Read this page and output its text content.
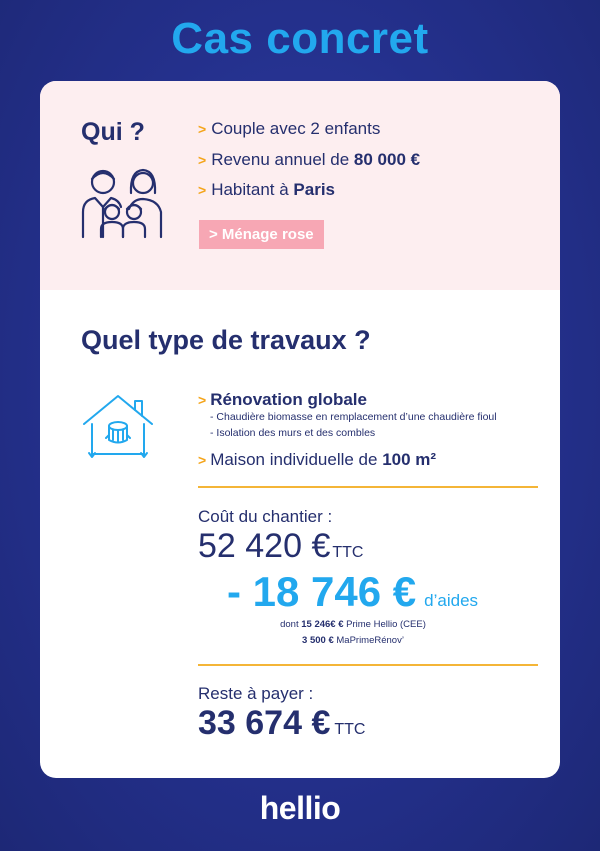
Cas concret
Qui ?	> Couple avec 2 enfants
> Revenu annuel de 80 000 €
> Habitant à Paris
> Ménage rose
Quel type de travaux ?
> Rénovation globale
- Chaudière biomasse en remplacement d’une chaudière fioul
- Isolation des murs et des combles
> Maison individuelle de 100 m²
Coût du chantier :
52 420 € TTC
- 18 746 € d’aides
dont 15 246€ € Prime Hellio (CEE)
3 500 € MaPrimeRénov’
Reste à payer :
33 674 € TTC
hellio
